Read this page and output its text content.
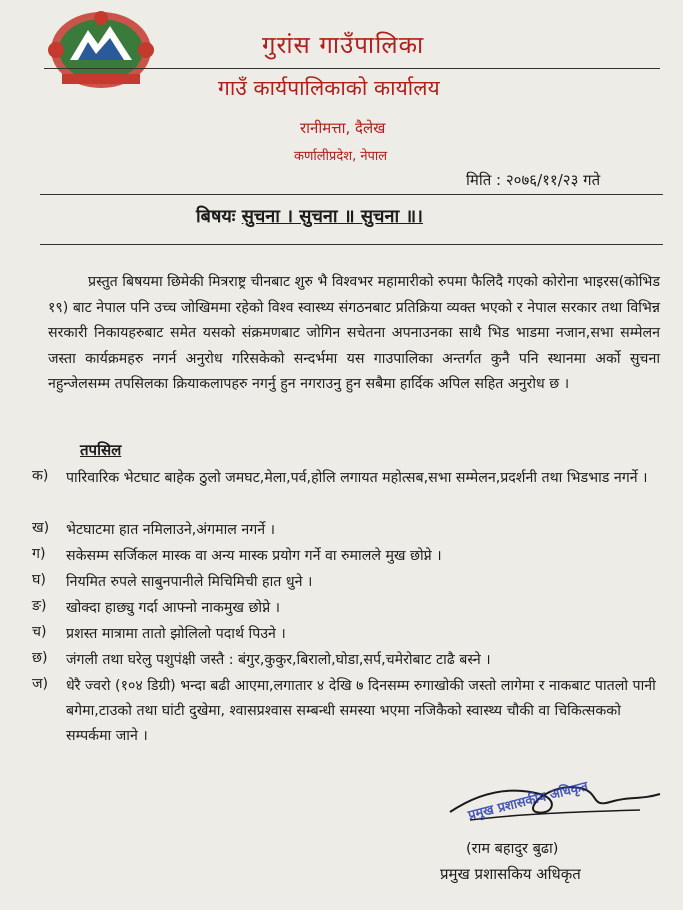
गुरांस गाउँपालिका
गाउँ कार्यपालिकाको कार्यालय
रानीमत्ता, दैलेख
कर्णालीप्रदेश, नेपाल
मिति : २०७६/११/२३ गते
बिषयः सुचना । सुचना ॥ सुचना ॥।
प्रस्तुत बिषयमा छिमेकी मित्रराष्ट्र चीनबाट शुरु भै विश्वभर महामारीको रुपमा फैलिदै गएको कोरोना भाइरस(कोभिड १९) बाट नेपाल पनि उच्च जोखिममा रहेको विश्व स्वास्थ्य संगठनबाट प्रतिक्रिया व्यक्त भएको र नेपाल सरकार तथा विभिन्न सरकारी निकायहरुबाट समेत यसको संक्रमणबाट जोगिन सचेतना अपनाउनका साथै भिड भाडमा नजान,सभा सम्मेलन जस्ता कार्यक्रमहरु नगर्न अनुरोध गरिसकेको सन्दर्भमा यस गाउपालिका अन्तर्गत कुनै पनि स्थानमा अर्को सुचना नहुन्जेलसम्म तपसिलका क्रियाकलापहरु नगर्नु हुन नगराउनु हुन सबैमा हार्दिक अपिल सहित अनुरोध छ ।
तपसिल
क) पारिवारिक भेटघाट बाहेक ठुलो जमघट,मेला,पर्व,होलि लगायत महोत्सब,सभा सम्मेलन,प्रदर्शनी तथा भिडभाड नगर्ने ।
ख) भेटघाटमा हात नमिलाउने,अंगमाल नगर्ने ।
ग) सकेसम्म सर्जिकल मास्क वा अन्य मास्क प्रयोग गर्ने वा रुमालले मुख छोप्ने ।
घ) नियमित रुपले साबुनपानीले मिचिमिची हात धुने ।
ङ) खोक्दा हाछ्यु गर्दा आफ्नो नाकमुख छोप्ने ।
च) प्रशस्त मात्रामा तातो झोलिलो पदार्थ पिउने ।
छ) जंगली तथा घरेलु पशुपंक्षी जस्तै : बंगुर,कुकुर,बिरालो,घोडा,सर्प,चमेरोबाट टाढै बस्ने ।
ज) धेरै ज्वरो (१०४ डिग्री) भन्दा बढी आएमा,लगातार ४ देखि ७ दिनसम्म रुगाखोकी जस्तो लागेमा र नाकबाट पातलो पानी बगेमा,टाउको तथा घांटी दुखेमा, श्वासप्रश्वास सम्बन्धी समस्या भएमा नजिकैको स्वास्थ्य चौकी वा चिकित्सकको सम्पर्कमा जाने ।
प्रमुख प्रशासकीय अधिकृत
(राम बहादुर बुढा)
प्रमुख प्रशासकिय अधिकृत
